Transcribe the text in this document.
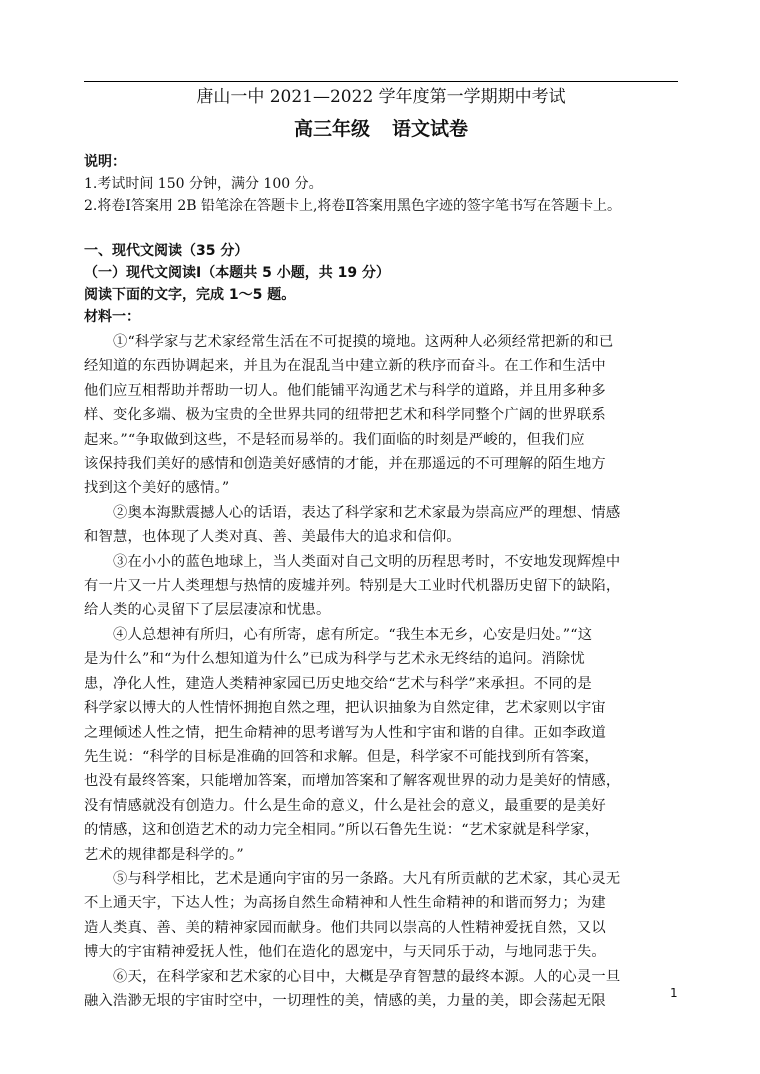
唐山一中 2021—2022 学年度第一学期期中考试
高三年级 语文试卷
说明：
1.考试时间 150 分钟，满分 100 分。
2.将卷Ⅰ答案用 2B 铅笔涂在答题卡上,将卷Ⅱ答案用黑色字迹的签字笔书写在答题卡上。
一、现代文阅读（35 分）
（一）现代文阅读Ⅰ（本题共 5 小题，共 19 分）
阅读下面的文字，完成 1～5 题。
材料一：
　　①“科学家与艺术家经常生活在不可捉摸的境地。这两种人必须经常把新的和已
经知道的东西协调起来，并且为在混乱当中建立新的秩序而奋斗。在工作和生活中
他们应互相帮助并帮助一切人。他们能铺平沟通艺术与科学的道路，并且用多种多
样、变化多端、极为宝贵的全世界共同的纽带把艺术和科学同整个广阔的世界联系
起来。”“争取做到这些，不是轻而易举的。我们面临的时刻是严峻的，但我们应
该保持我们美好的感情和创造美好感情的才能，并在那遥远的不可理解的陌生地方
找到这个美好的感情。”
　　②奥本海默震撼人心的话语，表达了科学家和艺术家最为崇高应严的理想、情感
和智慧，也体现了人类对真、善、美最伟大的追求和信仰。
　　③在小小的蓝色地球上，当人类面对自己文明的历程思考时，不安地发现辉煌中
有一片又一片人类理想与热情的废墟并列。特别是大工业时代机器历史留下的缺陷，
给人类的心灵留下了层层凄凉和忧患。
　　④人总想神有所归，心有所寄，虑有所定。“我生本无乡，心安是归处。”“这
是为什么”和“为什么想知道为什么”已成为科学与艺术永无终结的追问。消除忧
患，净化人性，建造人类精神家园已历史地交给“艺术与科学”来承担。不同的是
科学家以博大的人性情怀拥抱自然之理，把认识抽象为自然定律，艺术家则以宇宙
之理倾述人性之情，把生命精神的思考谱写为人性和宇宙和谐的自律。正如李政道
先生说：“科学的目标是准确的回答和求解。但是，科学家不可能找到所有答案，
也没有最终答案，只能增加答案，而增加答案和了解客观世界的动力是美好的情感，
没有情感就没有创造力。什么是生命的意义，什么是社会的意义，最重要的是美好
的情感，这和创造艺术的动力完全相同。”所以石鲁先生说：“艺术家就是科学家，
艺术的规律都是科学的。”
　　⑤与科学相比，艺术是通向宇宙的另一条路。大凡有所贡献的艺术家，其心灵无
不上通天宇，下达人性；为高扬自然生命精神和人性生命精神的和谐而努力；为建
造人类真、善、美的精神家园而献身。他们共同以崇高的人性精神爱抚自然，又以
博大的宇宙精神爱抚人性，他们在造化的恩宠中，与天同乐于动，与地同悲于失。
　　⑥天，在科学家和艺术家的心目中，大概是孕育智慧的最终本源。人的心灵一旦
融入浩渺无垠的宇宙时空中，一切理性的美，情感的美，力量的美，即会荡起无限	1
